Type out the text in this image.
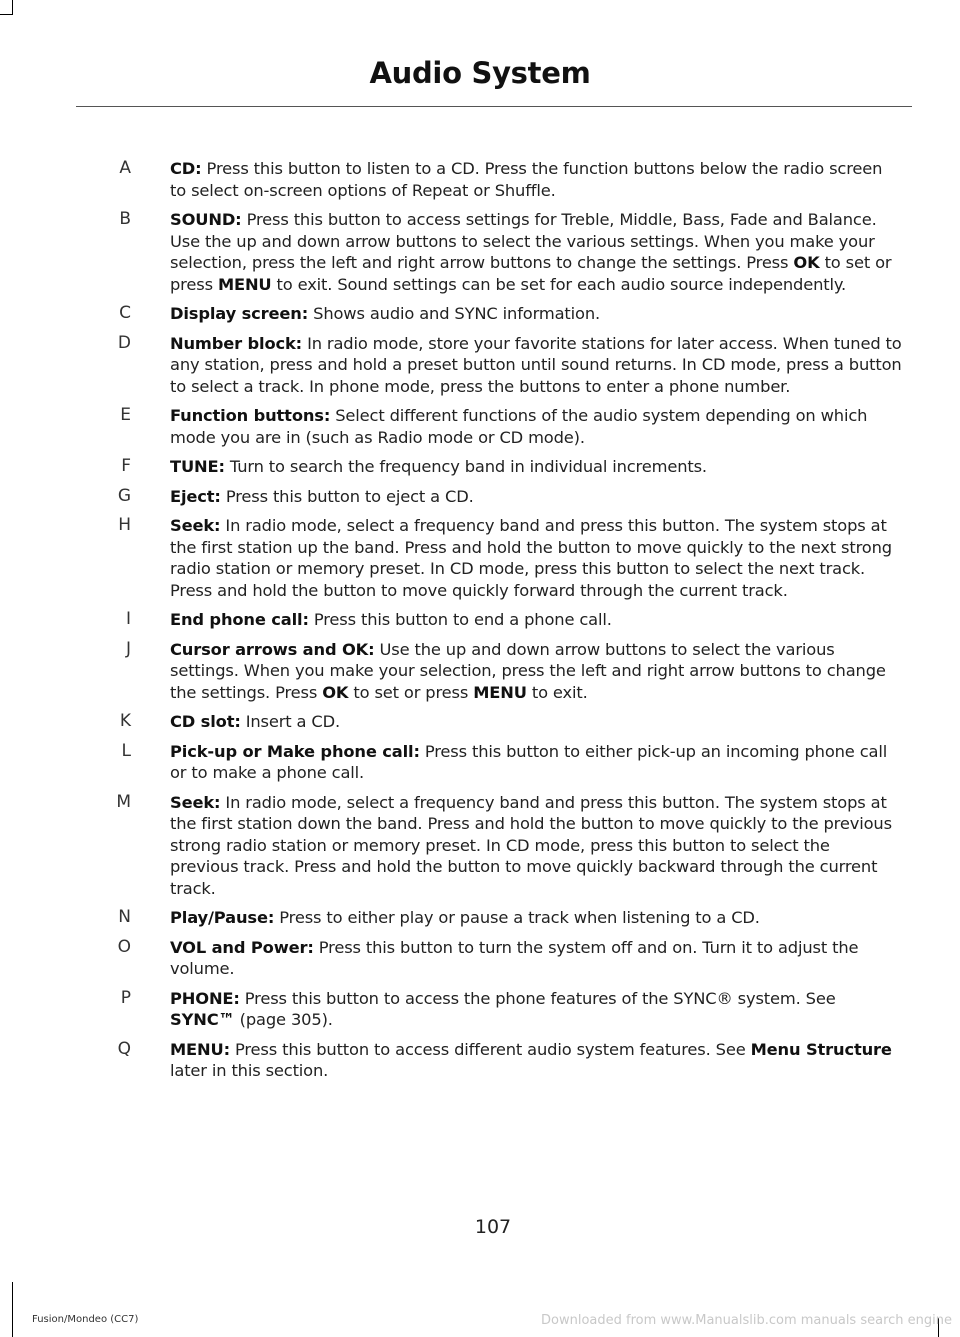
Audio System
A CD: Press this button to listen to a CD. Press the function buttons below the radio screen to select on-screen options of Repeat or Shuffle.
B SOUND: Press this button to access settings for Treble, Middle, Bass, Fade and Balance. Use the up and down arrow buttons to select the various settings. When you make your selection, press the left and right arrow buttons to change the settings. Press OK to set or press MENU to exit. Sound settings can be set for each audio source independently.
C Display screen: Shows audio and SYNC information.
D Number block: In radio mode, store your favorite stations for later access. When tuned to any station, press and hold a preset button until sound returns. In CD mode, press a button to select a track. In phone mode, press the buttons to enter a phone number.
E Function buttons: Select different functions of the audio system depending on which mode you are in (such as Radio mode or CD mode).
F TUNE: Turn to search the frequency band in individual increments.
G Eject: Press this button to eject a CD.
H Seek: In radio mode, select a frequency band and press this button. The system stops at the first station up the band. Press and hold the button to move quickly to the next strong radio station or memory preset. In CD mode, press this button to select the next track. Press and hold the button to move quickly forward through the current track.
I End phone call: Press this button to end a phone call.
J Cursor arrows and OK: Use the up and down arrow buttons to select the various settings. When you make your selection, press the left and right arrow buttons to change the settings. Press OK to set or press MENU to exit.
K CD slot: Insert a CD.
L Pick-up or Make phone call: Press this button to either pick-up an incoming phone call or to make a phone call.
M Seek: In radio mode, select a frequency band and press this button. The system stops at the first station down the band. Press and hold the button to move quickly to the previous strong radio station or memory preset. In CD mode, press this button to select the previous track. Press and hold the button to move quickly backward through the current track.
N Play/Pause: Press to either play or pause a track when listening to a CD.
O VOL and Power: Press this button to turn the system off and on. Turn it to adjust the volume.
P PHONE: Press this button to access the phone features of the SYNC® system. See SYNC™ (page 305).
Q MENU: Press this button to access different audio system features. See Menu Structure later in this section.
107
Fusion/Mondeo (CC7)	Downloaded from www.Manualslib.com manuals search engine
